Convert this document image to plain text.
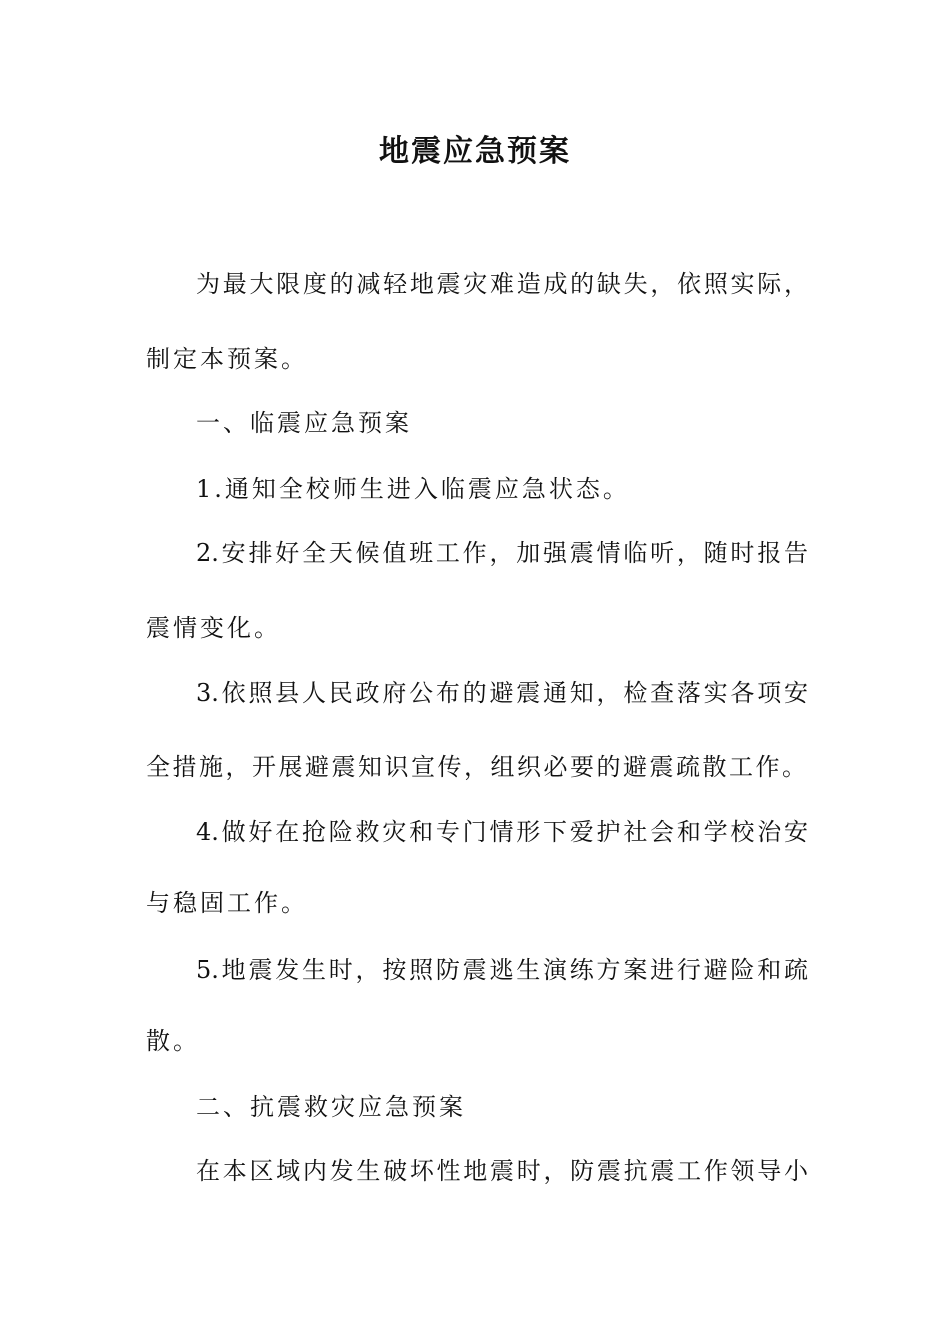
地震应急预案
为最大限度的减轻地震灾难造成的缺失，依照实际，
制定本预案。
一、临震应急预案
1.通知全校师生进入临震应急状态。
2.安排好全天候值班工作，加强震情临听，随时报告
震情变化。
3.依照县人民政府公布的避震通知，检查落实各项安
全措施，开展避震知识宣传，组织必要的避震疏散工作。
4.做好在抢险救灾和专门情形下爱护社会和学校治安
与稳固工作。
5.地震发生时，按照防震逃生演练方案进行避险和疏
散。
二、抗震救灾应急预案
在本区域内发生破坏性地震时，防震抗震工作领导小
